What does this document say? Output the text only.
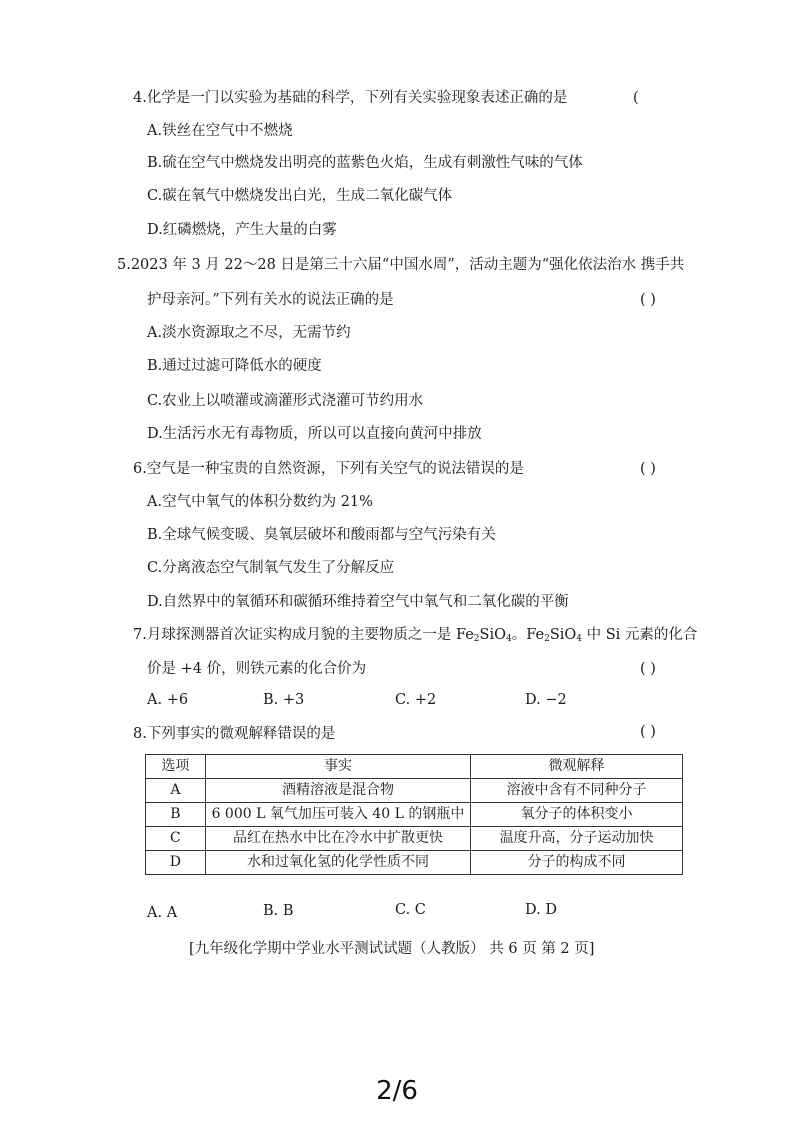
4.化学是一门以实验为基础的科学，下列有关实验现象表述正确的是	(
A.铁丝在空气中不燃烧
B.硫在空气中燃烧发出明亮的蓝紫色火焰，生成有刺激性气味的气体
C.碳在氧气中燃烧发出白光，生成二氧化碳气体
D.红磷燃烧，产生大量的白雾
5.2023 年 3 月 22～28 日是第三十六届“中国水周”，活动主题为“强化依法治水 携手共
护母亲河。”下列有关水的说法正确的是	( )
A.淡水资源取之不尽，无需节约
B.通过过滤可降低水的硬度
C.农业上以喷灌或滴灌形式浇灌可节约用水
D.生活污水无有毒物质，所以可以直接向黄河中排放
6.空气是一种宝贵的自然资源，下列有关空气的说法错误的是	( )
A.空气中氧气的体积分数约为 21%
B.全球气候变暖、臭氧层破坏和酸雨都与空气污染有关
C.分离液态空气制氧气发生了分解反应
D.自然界中的氧循环和碳循环维持着空气中氧气和二氧化碳的平衡
7.月球探测器首次证实构成月貌的主要物质之一是 $Fe_2SiO_4$。$Fe_2SiO_4$ 中 Si 元素的化合
价是 +4 价，则铁元素的化合价为	( )
A. +6	B. +3	C. +2	D. −2
8.下列事实的微观解释错误的是	( )
选项	事实	微观解释
A	酒精溶液是混合物	溶液中含有不同种分子
B	6 000 L 氧气加压可装入 40 L 的钢瓶中	氧分子的体积变小
C	品红在热水中比在冷水中扩散更快	温度升高，分子运动加快
D	水和过氧化氢的化学性质不同	分子的构成不同
A. A	B. B	C. C	D. D
[九年级化学期中学业水平测试试题（人教版） 共 6 页 第 2 页]
2/6
